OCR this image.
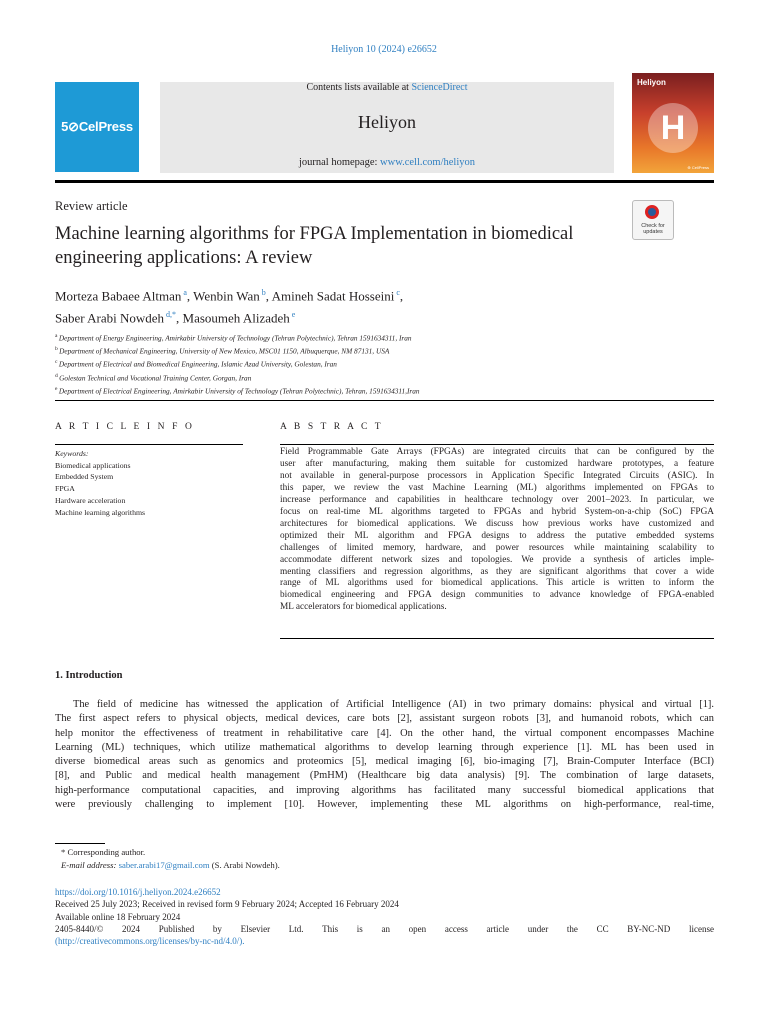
Heliyon 10 (2024) e26652
5⊘CelPress
Contents lists available at ScienceDirect
Heliyon
journal homepage: www.cell.com/heliyon
Heliyon
H
⊕ CellPress
Review article
Check for updates
Machine learning algorithms for FPGA Implementation in biomedical engineering applications: A review
Morteza Babaee Altman $^a$, Wenbin Wan $^b$, Amineh Sadat Hosseini $^c$,
Saber Arabi Nowdeh $^{d,*}$, Masoumeh Alizadeh $^e$
$^a$ Department of Energy Engineering, Amirkabir University of Technology (Tehran Polytechnic), Tehran 1591634311, Iran
$^b$ Department of Mechanical Engineering, University of New Mexico, MSC01 1150, Albuquerque, NM 87131, USA
$^c$ Department of Electrical and Biomedical Engineering, Islamic Azad University, Golestan, Iran
$^d$ Golestan Technical and Vocational Training Center, Gorgan, Iran
$^e$ Department of Electrical Engineering, Amirkabir University of Technology (Tehran Polytechnic), Tehran, 1591634311,Iran
A R T I C L E I N F O	A B S T R A C T
Keywords:
Biomedical applications
Embedded System
FPGA
Hardware acceleration
Machine learning algorithms
Field Programmable Gate Arrays (FPGAs) are integrated circuits that can be configured by the
user after manufacturing, making them suitable for customized hardware prototypes, a feature
not available in general-purpose processors in Application Specific Integrated Circuits (ASIC). In
this paper, we review the vast Machine Learning (ML) algorithms implemented on FPGAs to
increase performance and capabilities in healthcare technology over 2001–2023. In particular, we
focus on real-time ML algorithms targeted to FPGAs and hybrid System-on-a-chip (SoC) FPGA
architectures for biomedical applications. We discuss how previous works have customized and
optimized their ML algorithm and FPGA designs to address the putative embedded systems
challenges of limited memory, hardware, and power resources while maintaining scalability to
accommodate different network sizes and topologies. We provide a synthesis of articles imple-
menting classifiers and regression algorithms, as they are significant algorithms that cover a wide
range of ML algorithms used for biomedical applications. This article is written to inform the
biomedical engineering and FPGA design communities to advance knowledge of FPGA-enabled
ML accelerators for biomedical applications.
1. Introduction
The field of medicine has witnessed the application of Artificial Intelligence (AI) in two primary domains: physical and virtual [1].
The first aspect refers to physical objects, medical devices, care bots [2], assistant surgeon robots [3], and humanoid robots, which can
help monitor the effectiveness of treatment in rehabilitative care [4]. On the other hand, the virtual component encompasses Machine
Learning (ML) techniques, which utilize mathematical algorithms to develop learning through experience [1]. ML has been used in
diverse biomedical areas such as genomics and proteomics [5], medical imaging [6], bio-imaging [7], Brain-Computer Interface (BCI)
[8], and Public and medical health management (PmHM) (Healthcare big data analysis) [9]. The combination of large datasets,
high-performance computational capacities, and improving algorithms has facilitated many successful biomedical applications that
were previously challenging to implement [10]. However, implementing these ML algorithms on high-performance, real-time,
* Corresponding author.
E-mail address: saber.arabi17@gmail.com (S. Arabi Nowdeh).
https://doi.org/10.1016/j.heliyon.2024.e26652
Received 25 July 2023; Received in revised form 9 February 2024; Accepted 16 February 2024
Available online 18 February 2024
2405-8440/© 2024 Published by Elsevier Ltd. This is an open access article under the CC BY-NC-ND license
(http://creativecommons.org/licenses/by-nc-nd/4.0/).
